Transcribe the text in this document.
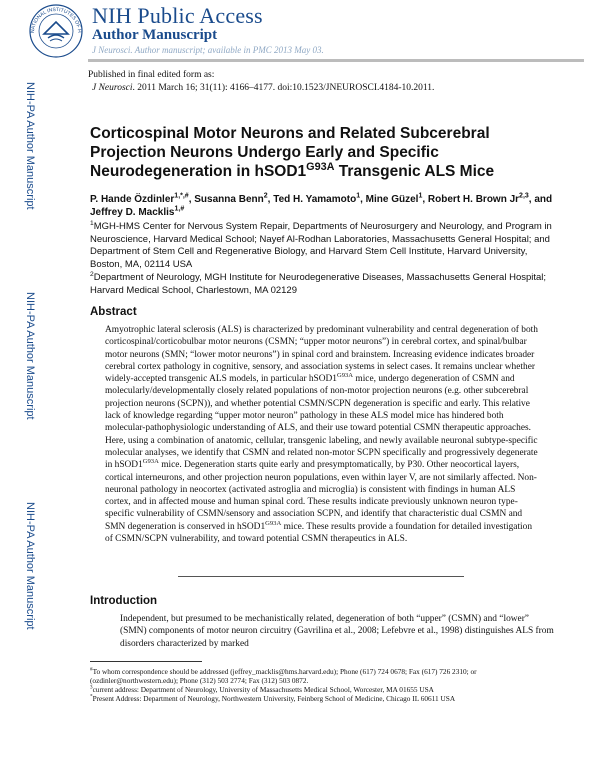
NATIONAL INSTITUTES OF H
NIH Public Access
Author Manuscript
J Neurosci. Author manuscript; available in PMC 2013 May 03.
Published in final edited form as:
J Neurosci. 2011 March 16; 31(11): 4166–4177. doi:10.1523/JNEUROSCI.4184-10.2011.
NIH-PA Author Manuscript
NIH-PA Author Manuscript
NIH-PA Author Manuscript
Corticospinal Motor Neurons and Related Subcerebral Projection Neurons Undergo Early and Specific Neurodegeneration in $hSOD1^{G93A}$ Transgenic ALS Mice
P. Hande Özdinler$^{1,*,\#}$, Susanna Benn$^2$, Ted H. Yamamoto$^1$, Mine Güzel$^1$, Robert H. Brown Jr$^{2,3}$, and Jeffrey D. Macklis$^{1,\#}$
$^1$MGH-HMS Center for Nervous System Repair, Departments of Neurosurgery and Neurology, and Program in Neuroscience, Harvard Medical School; Nayef Al-Rodhan Laboratories, Massachusetts General Hospital; and Department of Stem Cell and Regenerative Biology, and Harvard Stem Cell Institute, Harvard University, Boston, MA, 02114 USA
$^2$Department of Neurology, MGH Institute for Neurodegenerative Diseases, Massachusetts General Hospital; Harvard Medical School, Charlestown, MA 02129
Abstract
Amyotrophic lateral sclerosis (ALS) is characterized by predominant vulnerability and central degeneration of both corticospinal/corticobulbar motor neurons (CSMN; “upper motor neurons”) in cerebral cortex, and spinal/bulbar motor neurons (SMN; “lower motor neurons”) in spinal cord and brainstem. Increasing evidence indicates broader cerebral cortex pathology in cognitive, sensory, and association systems in select cases. It remains unclear whether widely-accepted transgenic ALS models, in particular $hSOD1^{G93A}$ mice, undergo degeneration of CSMN and molecularly/developmentally closely related populations of non-motor projection neurons (e.g. other subcerebral projection neurons (SCPN)), and whether potential CSMN/SCPN degeneration is specific and early. This relative lack of knowledge regarding “upper motor neuron” pathology in these ALS model mice has hindered both molecular-pathophysiologic understanding of ALS, and their use toward potential CSMN therapeutic approaches. Here, using a combination of anatomic, cellular, transgenic labeling, and newly available neuronal subtype-specific molecular analyses, we identify that CSMN and related non-motor SCPN specifically and progressively degenerate in $hSOD1^{G93A}$ mice. Degeneration starts quite early and presymptomatically, by P30. Other neocortical layers, cortical interneurons, and other projection neuron populations, even within layer V, are not similarly affected. Non-neuronal pathology in neocortex (activated astroglia and microglia) is consistent with findings in human ALS cortex, and in affected mouse and human spinal cord. These results indicate previously unknown neuron type-specific vulnerability of CSMN/sensory and association SCPN, and identify that characteristic dual CSMN and SMN degeneration is conserved in $hSOD1^{G93A}$ mice. These results provide a foundation for detailed investigation of CSMN/SCPN vulnerability, and toward potential CSMN therapeutics in ALS.
Introduction
Independent, but presumed to be mechanistically related, degeneration of both “upper” (CSMN) and “lower” (SMN) components of motor neuron circuitry (Gavrilina et al., 2008; Lefebvre et al., 1998) distinguishes ALS from disorders characterized by marked
#To whom correspondence should be addressed (jeffrey_macklis@hms.harvard.edu); Phone (617) 724 0678; Fax (617) 726 2310; or (ozdinler@northwestern.edu); Phone (312) 503 2774; Fax (312) 503 0872.
$^3$current address: Department of Neurology, University of Massachusetts Medical School, Worcester, MA 01655 USA
*Present Address: Department of Neurology, Northwestern University, Feinberg School of Medicine, Chicago IL 60611 USA
